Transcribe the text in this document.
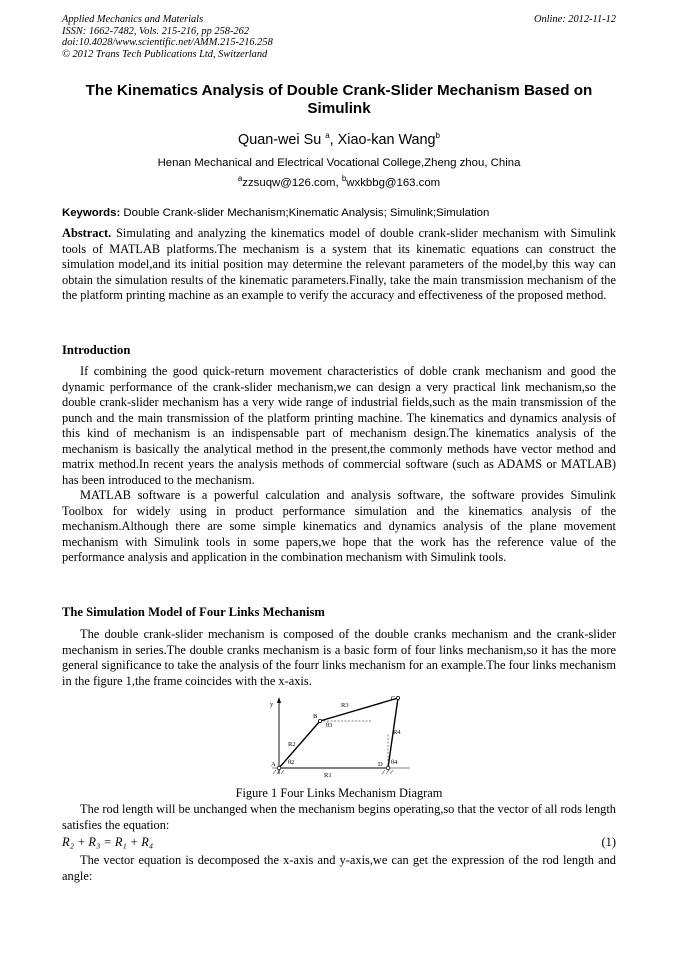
Applied Mechanics and Materials
ISSN: 1662-7482, Vols. 215-216, pp 258-262
doi:10.4028/www.scientific.net/AMM.215-216.258
© 2012 Trans Tech Publications Ltd, Switzerland
Online: 2012-11-12
The Kinematics Analysis of Double Crank-Slider Mechanism Based on
Simulink
Quan-wei Su $^a$, Xiao-kan Wang$^b$
Henan Mechanical and Electrical Vocational College,Zheng zhou, China
$^a$zzsuqw@126.com, $^b$wxkbbg@163.com
Keywords: Double Crank-slider Mechanism;Kinematic Analysis; Simulink;Simulation

Abstract. Simulating and analyzing the kinematics model of double crank-slider mechanism with Simulink tools of MATLAB platforms.The mechanism is a system that its kinematic equations can construct the simulation model,and its initial position may determine the relevant parameters of the model,by this way can obtain the simulation results of the kinematic parameters.Finally, take the main transmission mechanism of the the platform printing machine as an example to verify the accuracy and effectiveness of the proposed method.

Introduction

If combining the good quick-return movement characteristics of doble crank mechanism and good the dynamic performance of the crank-slider mechanism,we can design a very practical link mechanism,so the double crank-slider mechanism has a very wide range of industrial fields,such as the main transmission of the punch and the main transmission of the platform printing machine. The kinematics and dynamics analysis of this kind of mechanism is an indispensable part of mechanism design.The kinematics analysis of the mechanism is basically the analytical method in the present,the commonly methods have vector method and matrix method.In recent years the analysis methods of commercial software (such as ADAMS or MATLAB) has been introduced to the mechanism.

MATLAB software is a powerful calculation and analysis software, the software provides Simulink Toolbox for widely using in product performance simulation and the kinematics analysis of the mechanism.Although there are some simple kinematics and dynamics analysis of the plane movement mechanism with Simulink tools in some papers,we hope that the work has the reference value of the performance analysis and application in the combination mechanism with Simulink tools.

The Simulation Model of Four Links Mechanism

The double crank-slider mechanism is composed of the double cranks mechanism and the crank-slider mechanism in series.The double cranks mechanism is a basic form of four links mechanism,so it has the more general significance to take the analysis of the fourr links mechanism for an example.The four links mechanism in the figure 1,the frame coincides with the x-axis.

y
A
B
C
D
R1
R2
R3
R4
θ2
θ3
θ4
Figure 1 Four Links Mechanism Diagram

The rod length will be unchanged when the mechanism begins operating,so that the vector of all rods length satisfies the equation:

R₂ + R₃ = R₁ + R₄	(1)

The vector equation is decomposed the x-axis and y-axis,we can get the expression of the rod length and angle:
